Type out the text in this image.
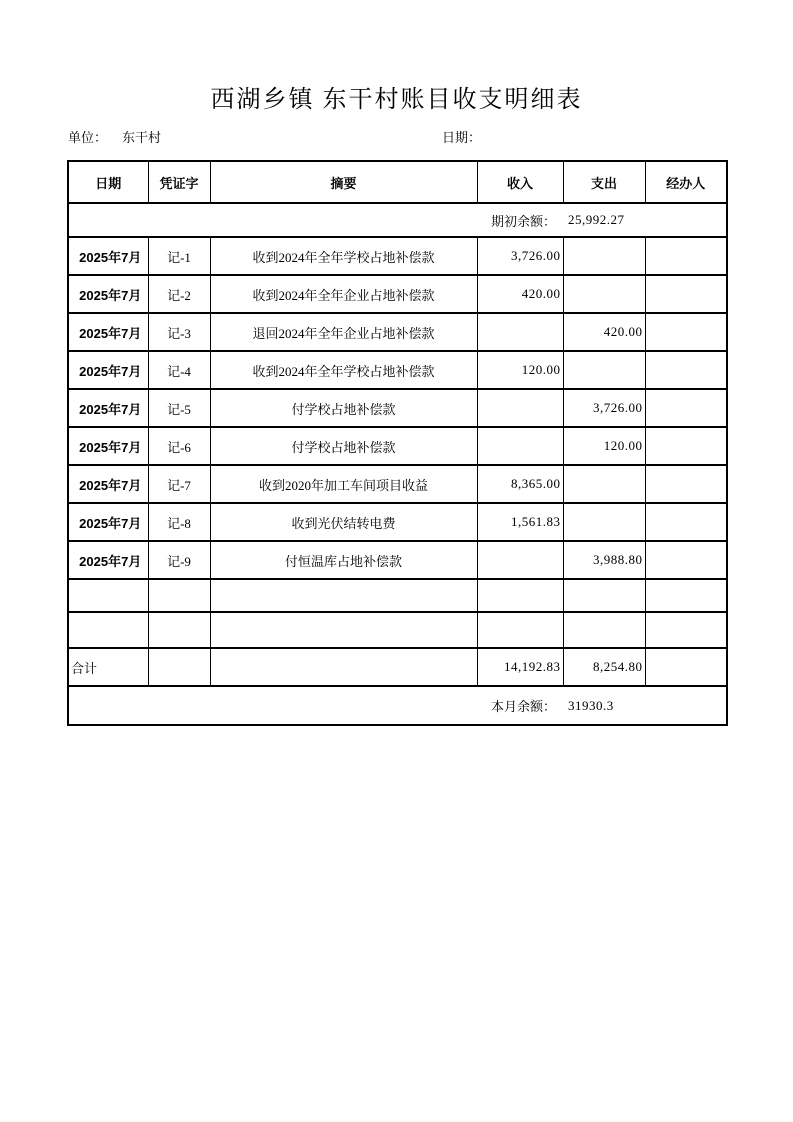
西湖乡镇 东干村账目收支明细表
单位： 东干村	日期：
日期	凭证字	摘要	收入	支出	经办人

期初余额： 25,992.27					

2025年7月	记-1	收到2024年全年学校占地补偿款	3,726.00		
2025年7月	记-2	收到2024年全年企业占地补偿款	420.00		
2025年7月	记-3	退回2024年全年企业占地补偿款		420.00	
2025年7月	记-4	收到2024年全年学校占地补偿款	120.00		
2025年7月	记-5	付学校占地补偿款		3,726.00	
2025年7月	记-6	付学校占地补偿款		120.00	
2025年7月	记-7	收到2020年加工车间项目收益	8,365.00		
2025年7月	记-8	收到光伏结转电费	1,561.83		
2025年7月	记-9	付恒温库占地补偿款		3,988.80	

合计			14,192.83	8,254.80	

本月余额： 31930.3					
